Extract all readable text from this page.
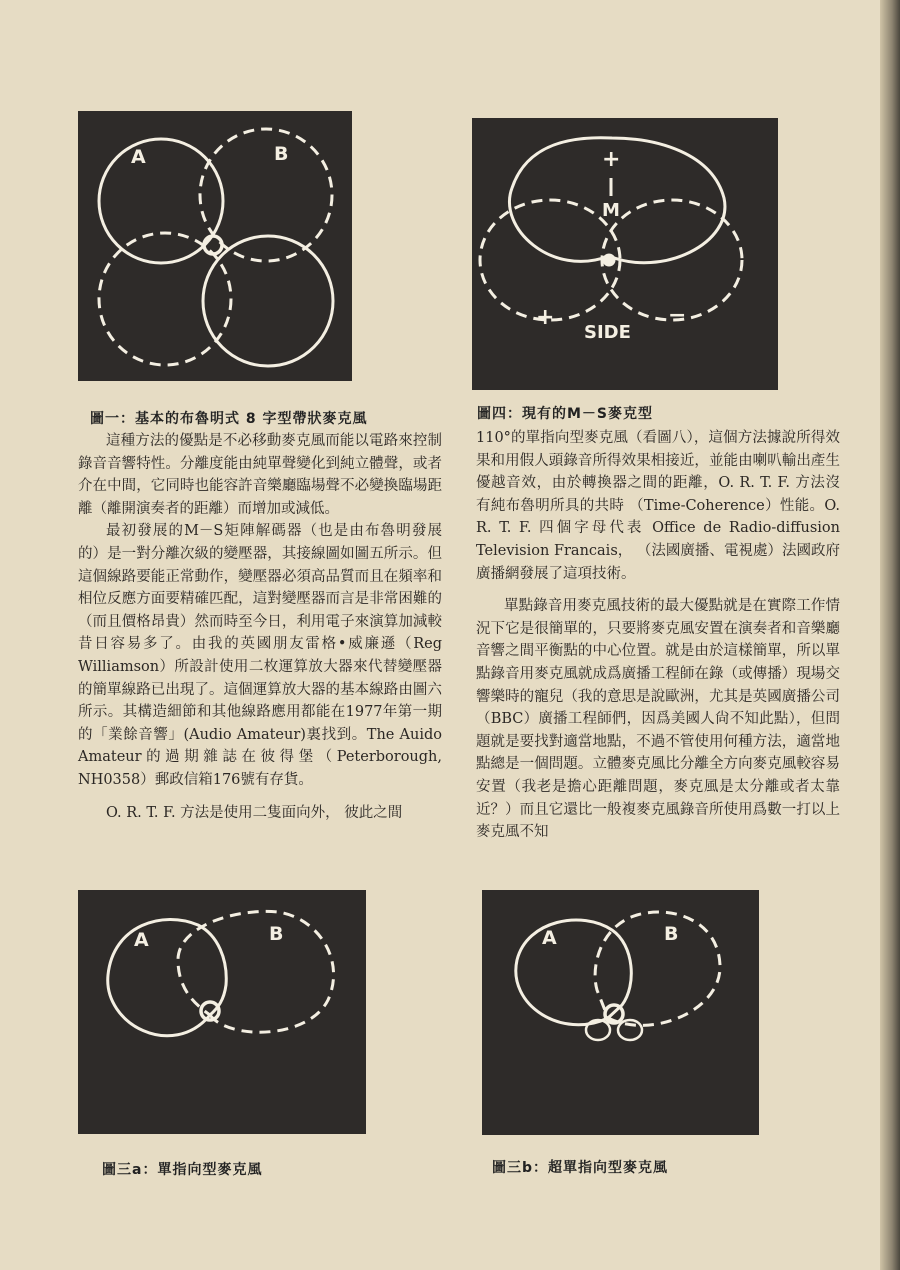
A	B
圖一：基本的布魯明式 8 字型帶狀麥克風
+
M
+	−
SIDE
圖四：現有的M－S麥克型

這種方法的優點是不必移動麥克風而能以電路來控制錄音音響特性。分離度能由純單聲變化到純立體聲，或者介在中間，它同時也能容許音樂廳臨場聲不必變換臨場距離（離開演奏者的距離）而增加或減低。

最初發展的M－S矩陣解碼器（也是由布魯明發展的）是一對分離次級的變壓器，其接線圖如圖五所示。但這個線路要能正常動作，變壓器必須高品質而且在頻率和相位反應方面要精確匹配，這對變壓器而言是非常困難的（而且價格昂貴）然而時至今日，利用電子來演算加減較昔日容易多了。由我的英國朋友雷格•威廉遜（Reg Williamson）所設計使用二枚運算放大器來代替變壓器的簡單線路已出現了。這個運算放大器的基本線路由圖六所示。其構造細節和其他線路應用都能在1977年第一期的「業餘音響」(Audio Amateur)裏找到。The Auido Amateur的過期雜誌在彼得堡（Peterborough, NH0358）郵政信箱176號有存貨。

O. R. T. F. 方法是使用二隻面向外， 彼此之間

110°的單指向型麥克風（看圖八），這個方法據說所得效果和用假人頭錄音所得效果相接近，並能由喇叭輸出產生優越音效，由於轉換器之間的距離，O. R. T. F. 方法沒有純布魯明所具的共時 （Time-Coherence）性能。O. R. T. F. 四個字母代表 Office de Radio-diffusion Television Francais， （法國廣播、電視處）法國政府廣播網發展了這項技術。

單點錄音用麥克風技術的最大優點就是在實際工作情況下它是很簡單的，只要將麥克風安置在演奏者和音樂廳音響之間平衡點的中心位置。就是由於這樣簡單，所以單點錄音用麥克風就成爲廣播工程師在錄（或傳播）現場交響樂時的寵兒（我的意思是說歐洲，尤其是英國廣播公司（BBC）廣播工程師們，因爲美國人尙不知此點），但問題就是要找對適當地點，不過不管使用何種方法，適當地點總是一個問題。立體麥克風比分離全方向麥克風較容易安置（我老是擔心距離問題，麥克風是太分離或者太靠近？）而且它還比一般複麥克風錄音所使用爲數一打以上麥克風不知

A	B
圖三a：單指向型麥克風
A	B
圖三b：超單指向型麥克風
